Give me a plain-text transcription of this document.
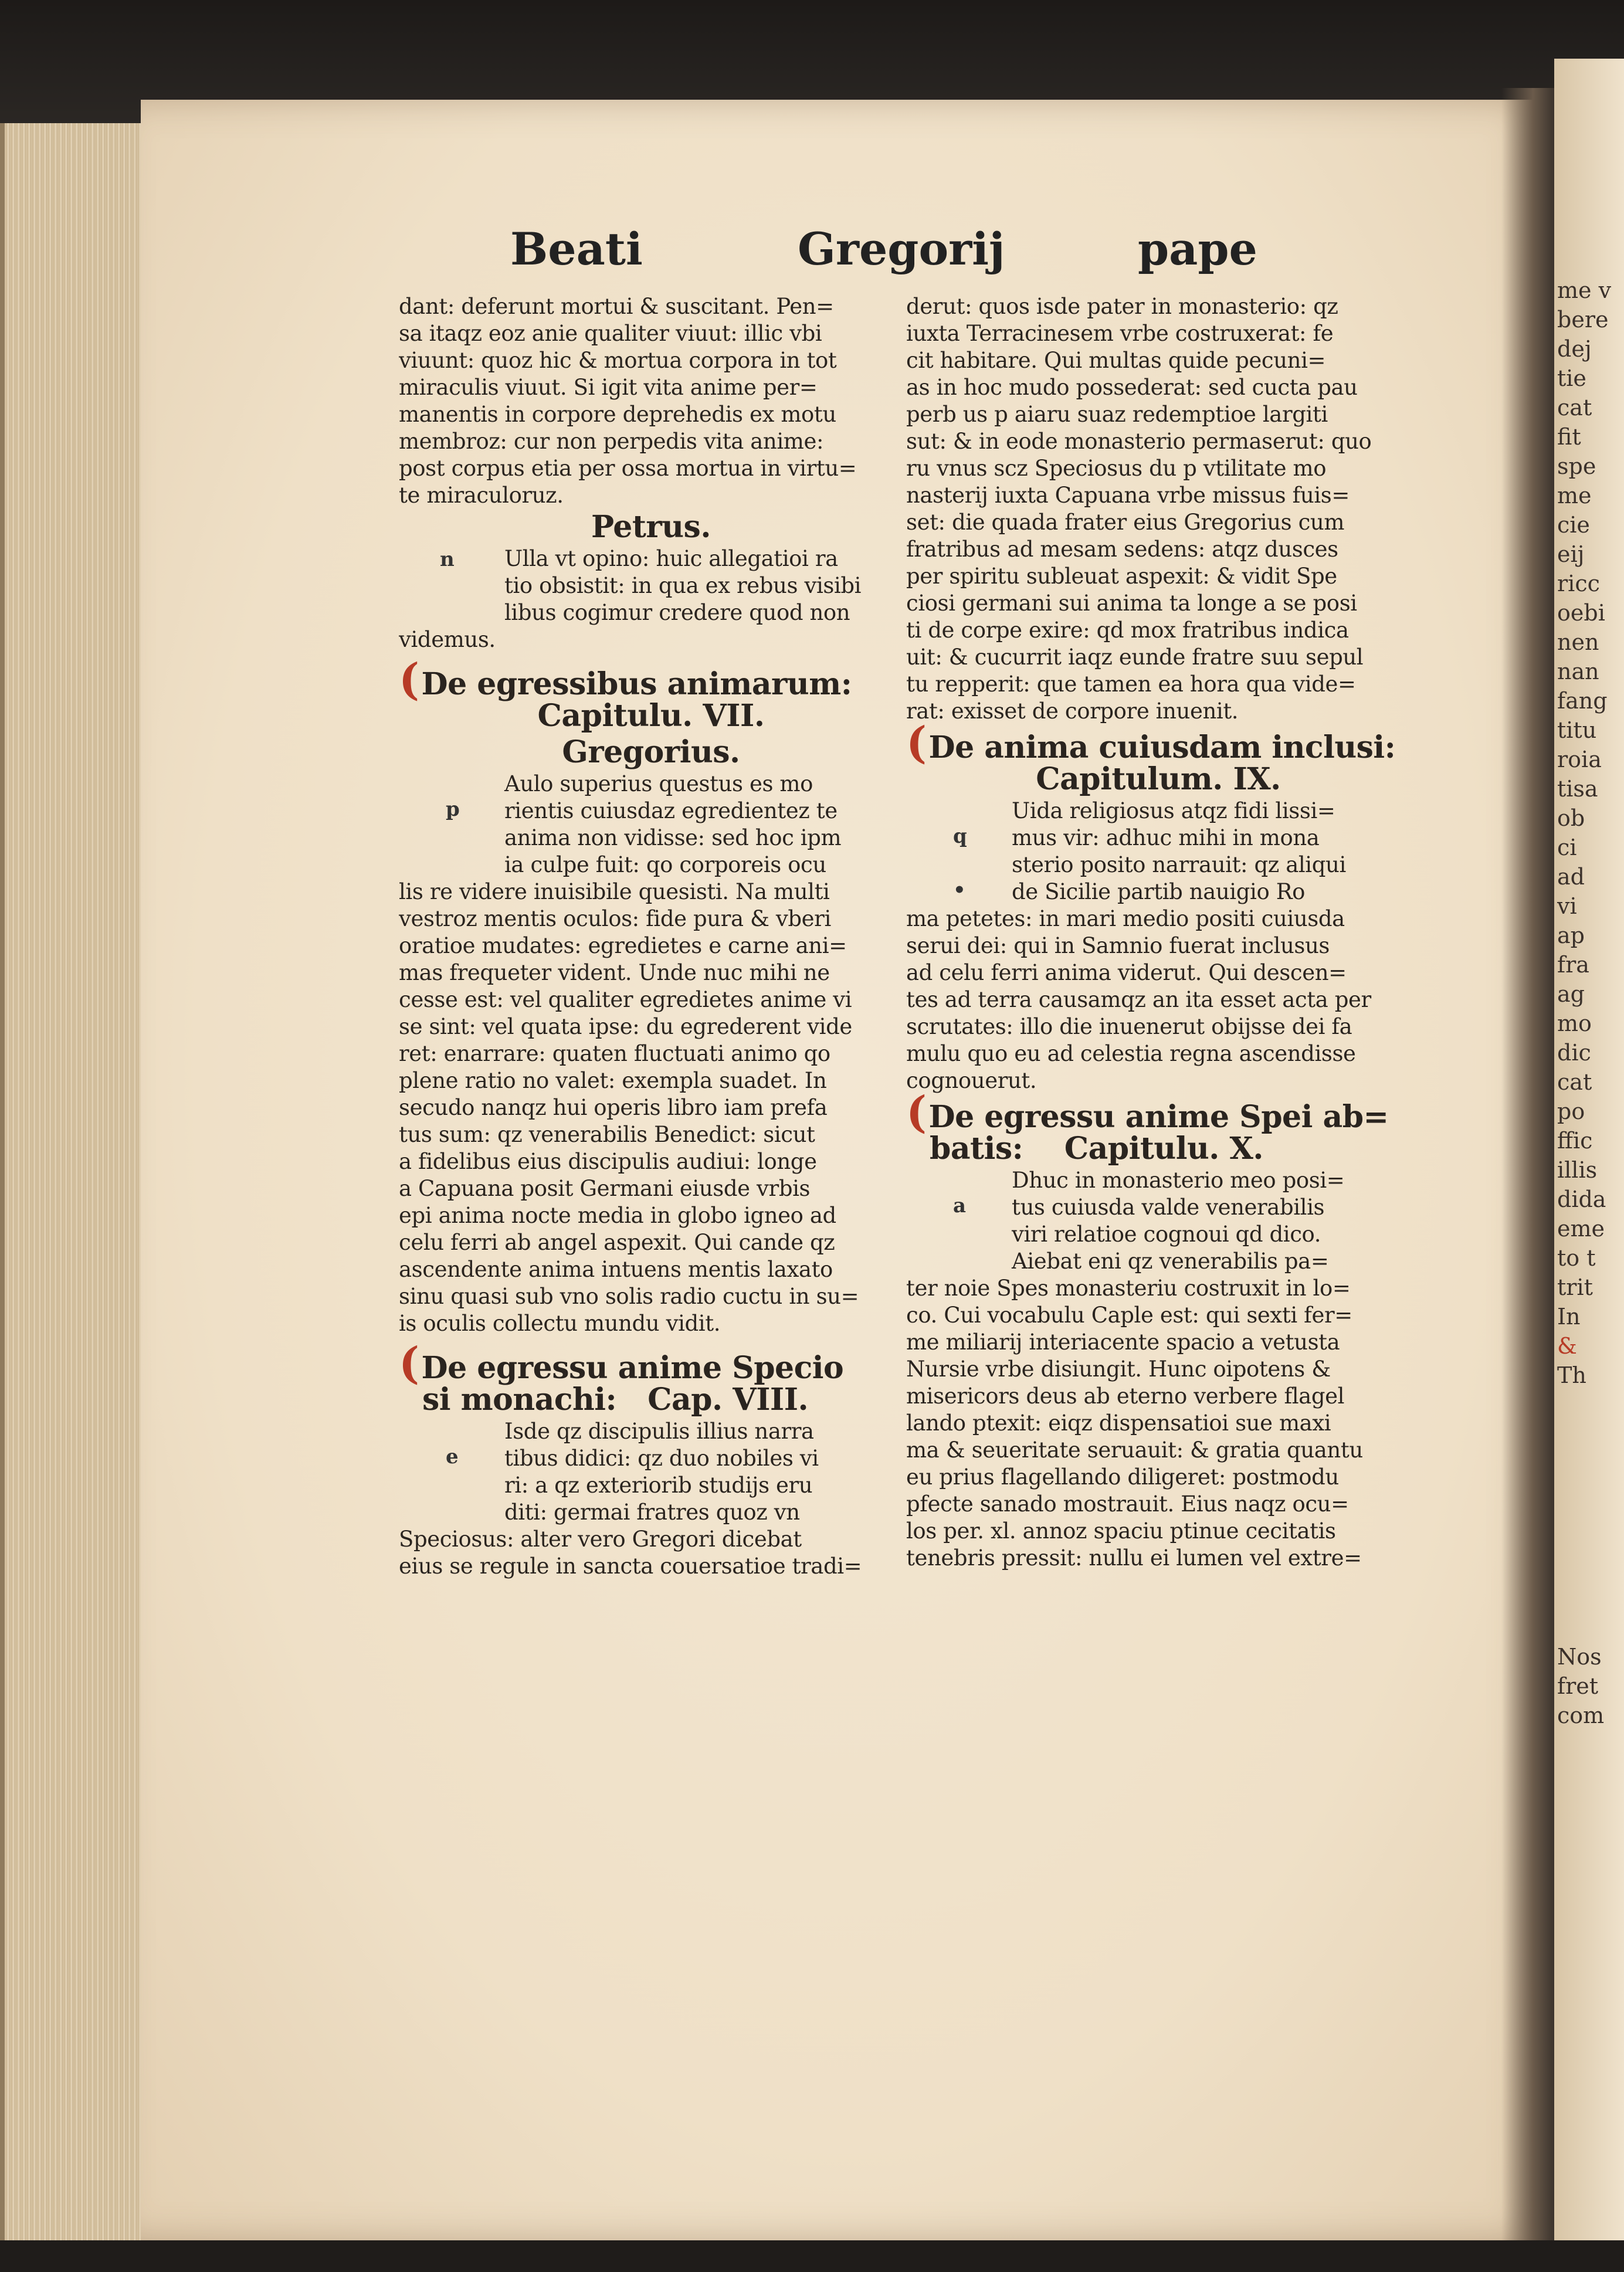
Beati	Gregorij	pape
dant: deferunt mortui & suscitant. Pen=
sa itaqz eoz anie qualiter viuut: illic vbi
viuunt: quoz hic & mortua corpora in tot
miraculis viuut. Si igit vita anime per=
manentis in corpore deprehedis ex motu
membroz: cur non perpedis vita anime:
post corpus etia per ossa mortua in virtu=
te miraculoruz.
Petrus.
n	Ulla vt opino: huic allegatioi ra
tio obsistit: in qua ex rebus visibi
libus cogimur credere quod non
videmus.
(De egressibus animarum:
Capitulu. VII.
Gregorius.
p
Aulo superius questus es mo
rientis cuiusdaz egredientez te
anima non vidisse: sed hoc ipm
ia culpe fuit: qo corporeis ocu
lis re videre inuisibile quesisti. Na multi
vestroz mentis oculos: fide pura & vberi
oratioe mudates: egredietes e carne ani=
mas frequeter vident. Unde nuc mihi ne
cesse est: vel qualiter egredietes anime vi
se sint: vel quata ipse: du egrederent vide
ret: enarrare: quaten fluctuati animo qo
plene ratio no valet: exempla suadet. In
secudo nanqz hui operis libro iam prefa
tus sum: qz venerabilis Benedict: sicut
a fidelibus eius discipulis audiui: longe
a Capuana posit Germani eiusde vrbis
epi anima nocte media in globo igneo ad
celu ferri ab angel aspexit. Qui cande qz
ascendente anima intuens mentis laxato
sinu quasi sub vno solis radio cuctu in su=
is oculis collectu mundu vidit.
(De egressu anime Specio
si monachi: Cap. VIII.
e
Isde qz discipulis illius narra
tibus didici: qz duo nobiles vi
ri: a qz exteriorib studijs eru
diti: germai fratres quoz vn
Speciosus: alter vero Gregori dicebat
eius se regule in sancta couersatioe tradi=
derut: quos isde pater in monasterio: qz
iuxta Terracinesem vrbe costruxerat: fe
cit habitare. Qui multas quide pecuni=
as in hoc mudo possederat: sed cucta pau
perb us p aiaru suaz redemptioe largiti
sut: & in eode monasterio permaserut: quo
ru vnus scz Speciosus du p vtilitate mo
nasterij iuxta Capuana vrbe missus fuis=
set: die quada frater eius Gregorius cum
fratribus ad mesam sedens: atqz dusces
per spiritu subleuat aspexit: & vidit Spe
ciosi germani sui anima ta longe a se posi
ti de corpe exire: qd mox fratribus indica
uit: & cucurrit iaqz eunde fratre suu sepul
tu repperit: que tamen ea hora qua vide=
rat: exisset de corpore inuenit.
(De anima cuiusdam inclusi:
Capitulum. IX.
q
•
Uida religiosus atqz fidi lissi=
mus vir: adhuc mihi in mona
sterio posito narrauit: qz aliqui
de Sicilie partib nauigio Ro
ma petetes: in mari medio positi cuiusda
serui dei: qui in Samnio fuerat inclusus
ad celu ferri anima viderut. Qui descen=
tes ad terra causamqz an ita esset acta per
scrutates: illo die inuenerut obijsse dei fa
mulu quo eu ad celestia regna ascendisse
cognouerut.
(De egressu anime Spei ab=
batis: Capitulu. X.
a
Dhuc in monasterio meo posi=
tus cuiusda valde venerabilis
viri relatioe cognoui qd dico.
Aiebat eni qz venerabilis pa=
ter noie Spes monasteriu costruxit in lo=
co. Cui vocabulu Caple est: qui sexti fer=
me miliarij interiacente spacio a vetusta
Nursie vrbe disiungit. Hunc oipotens &
misericors deus ab eterno verbere flagel
lando ptexit: eiqz dispensatioi sue maxi
ma & seueritate seruauit: & gratia quantu
eu prius flagellando diligeret: postmodu
pfecte sanado mostrauit. Eius naqz ocu=
los per. xl. annoz spaciu ptinue cecitatis
tenebris pressit: nullu ei lumen vel extre=
me v
bere
dej
tie
cat
fit
spe
me
cie
eij
ricc
oebi
nen
nan
fang
titu
roia
tisa
ob
ci
ad
vi
ap
fra
ag
mo
dic
cat
po
ffic
illis
dida
eme
to t
trit
In
&
Th
Nos
fret
com
